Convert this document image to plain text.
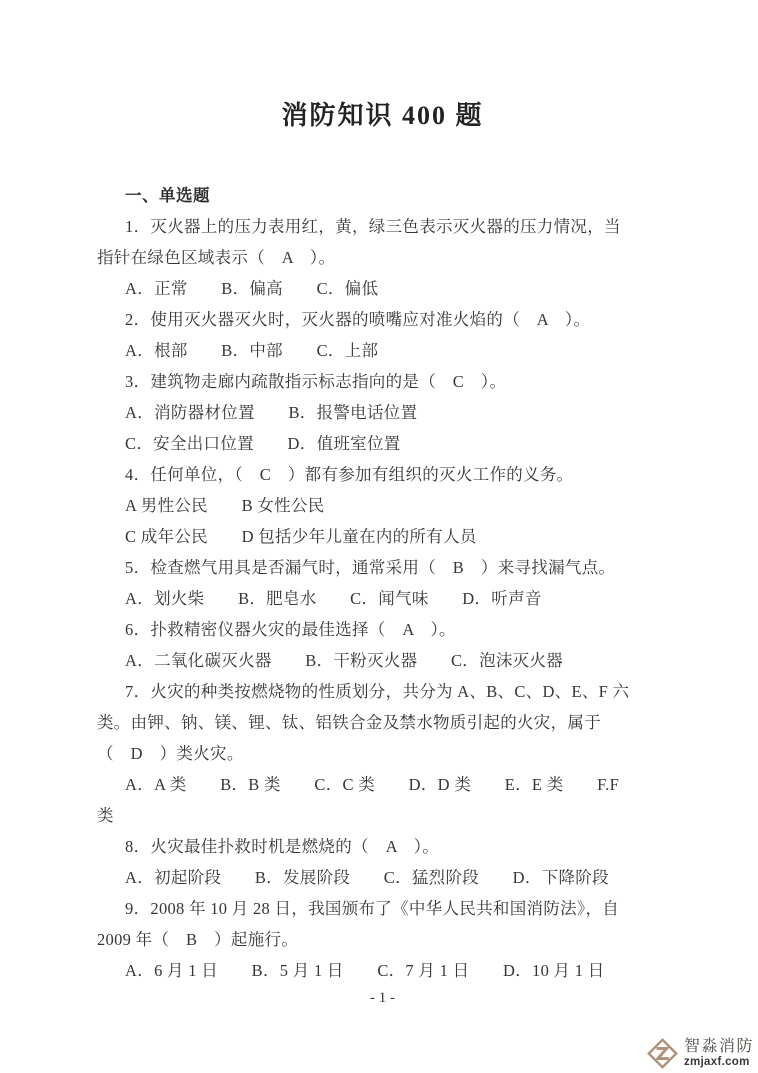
消防知识 400 题
一、单选题

1．灭火器上的压力表用红，黄，绿三色表示灭火器的压力情况，当

指针在绿色区域表示（　A　）。

A．正常　　B．偏高　　C．偏低

2．使用灭火器灭火时，灭火器的喷嘴应对准火焰的（　A　）。

A．根部　　B．中部　　C．上部

3．建筑物走廊内疏散指示标志指向的是（　C　）。

A．消防器材位置　　B．报警电话位置

C．安全出口位置　　D．值班室位置

4．任何单位，（　C　）都有参加有组织的灭火工作的义务。

A 男性公民　　B 女性公民

C 成年公民　　D 包括少年儿童在内的所有人员

5．检查燃气用具是否漏气时，通常采用（　B　）来寻找漏气点。

A．划火柴　　B．肥皂水　　C．闻气味　　D．听声音

6．扑救精密仪器火灾的最佳选择（　A　）。

A．二氧化碳灭火器　　B．干粉灭火器　　C．泡沫灭火器

7．火灾的种类按燃烧物的性质划分，共分为 A、B、C、D、E、F 六

类。由钾、钠、镁、锂、钛、铝铁合金及禁水物质引起的火灾，属于

（　D　）类火灾。

A．A 类　　B．B 类　　C．C 类　　D．D 类　　E．E 类　　F.F

类

8．火灾最佳扑救时机是燃烧的（　A　）。

A．初起阶段　　B．发展阶段　　C．猛烈阶段　　D．下降阶段

9．2008 年 10 月 28 日，我国颁布了《中华人民共和国消防法》，自

2009 年（　B　）起施行。

A．6 月 1 日　　B．5 月 1 日　　C．7 月 1 日　　D．10 月 1 日

- 1 -
智淼消防
zmjaxf.com
